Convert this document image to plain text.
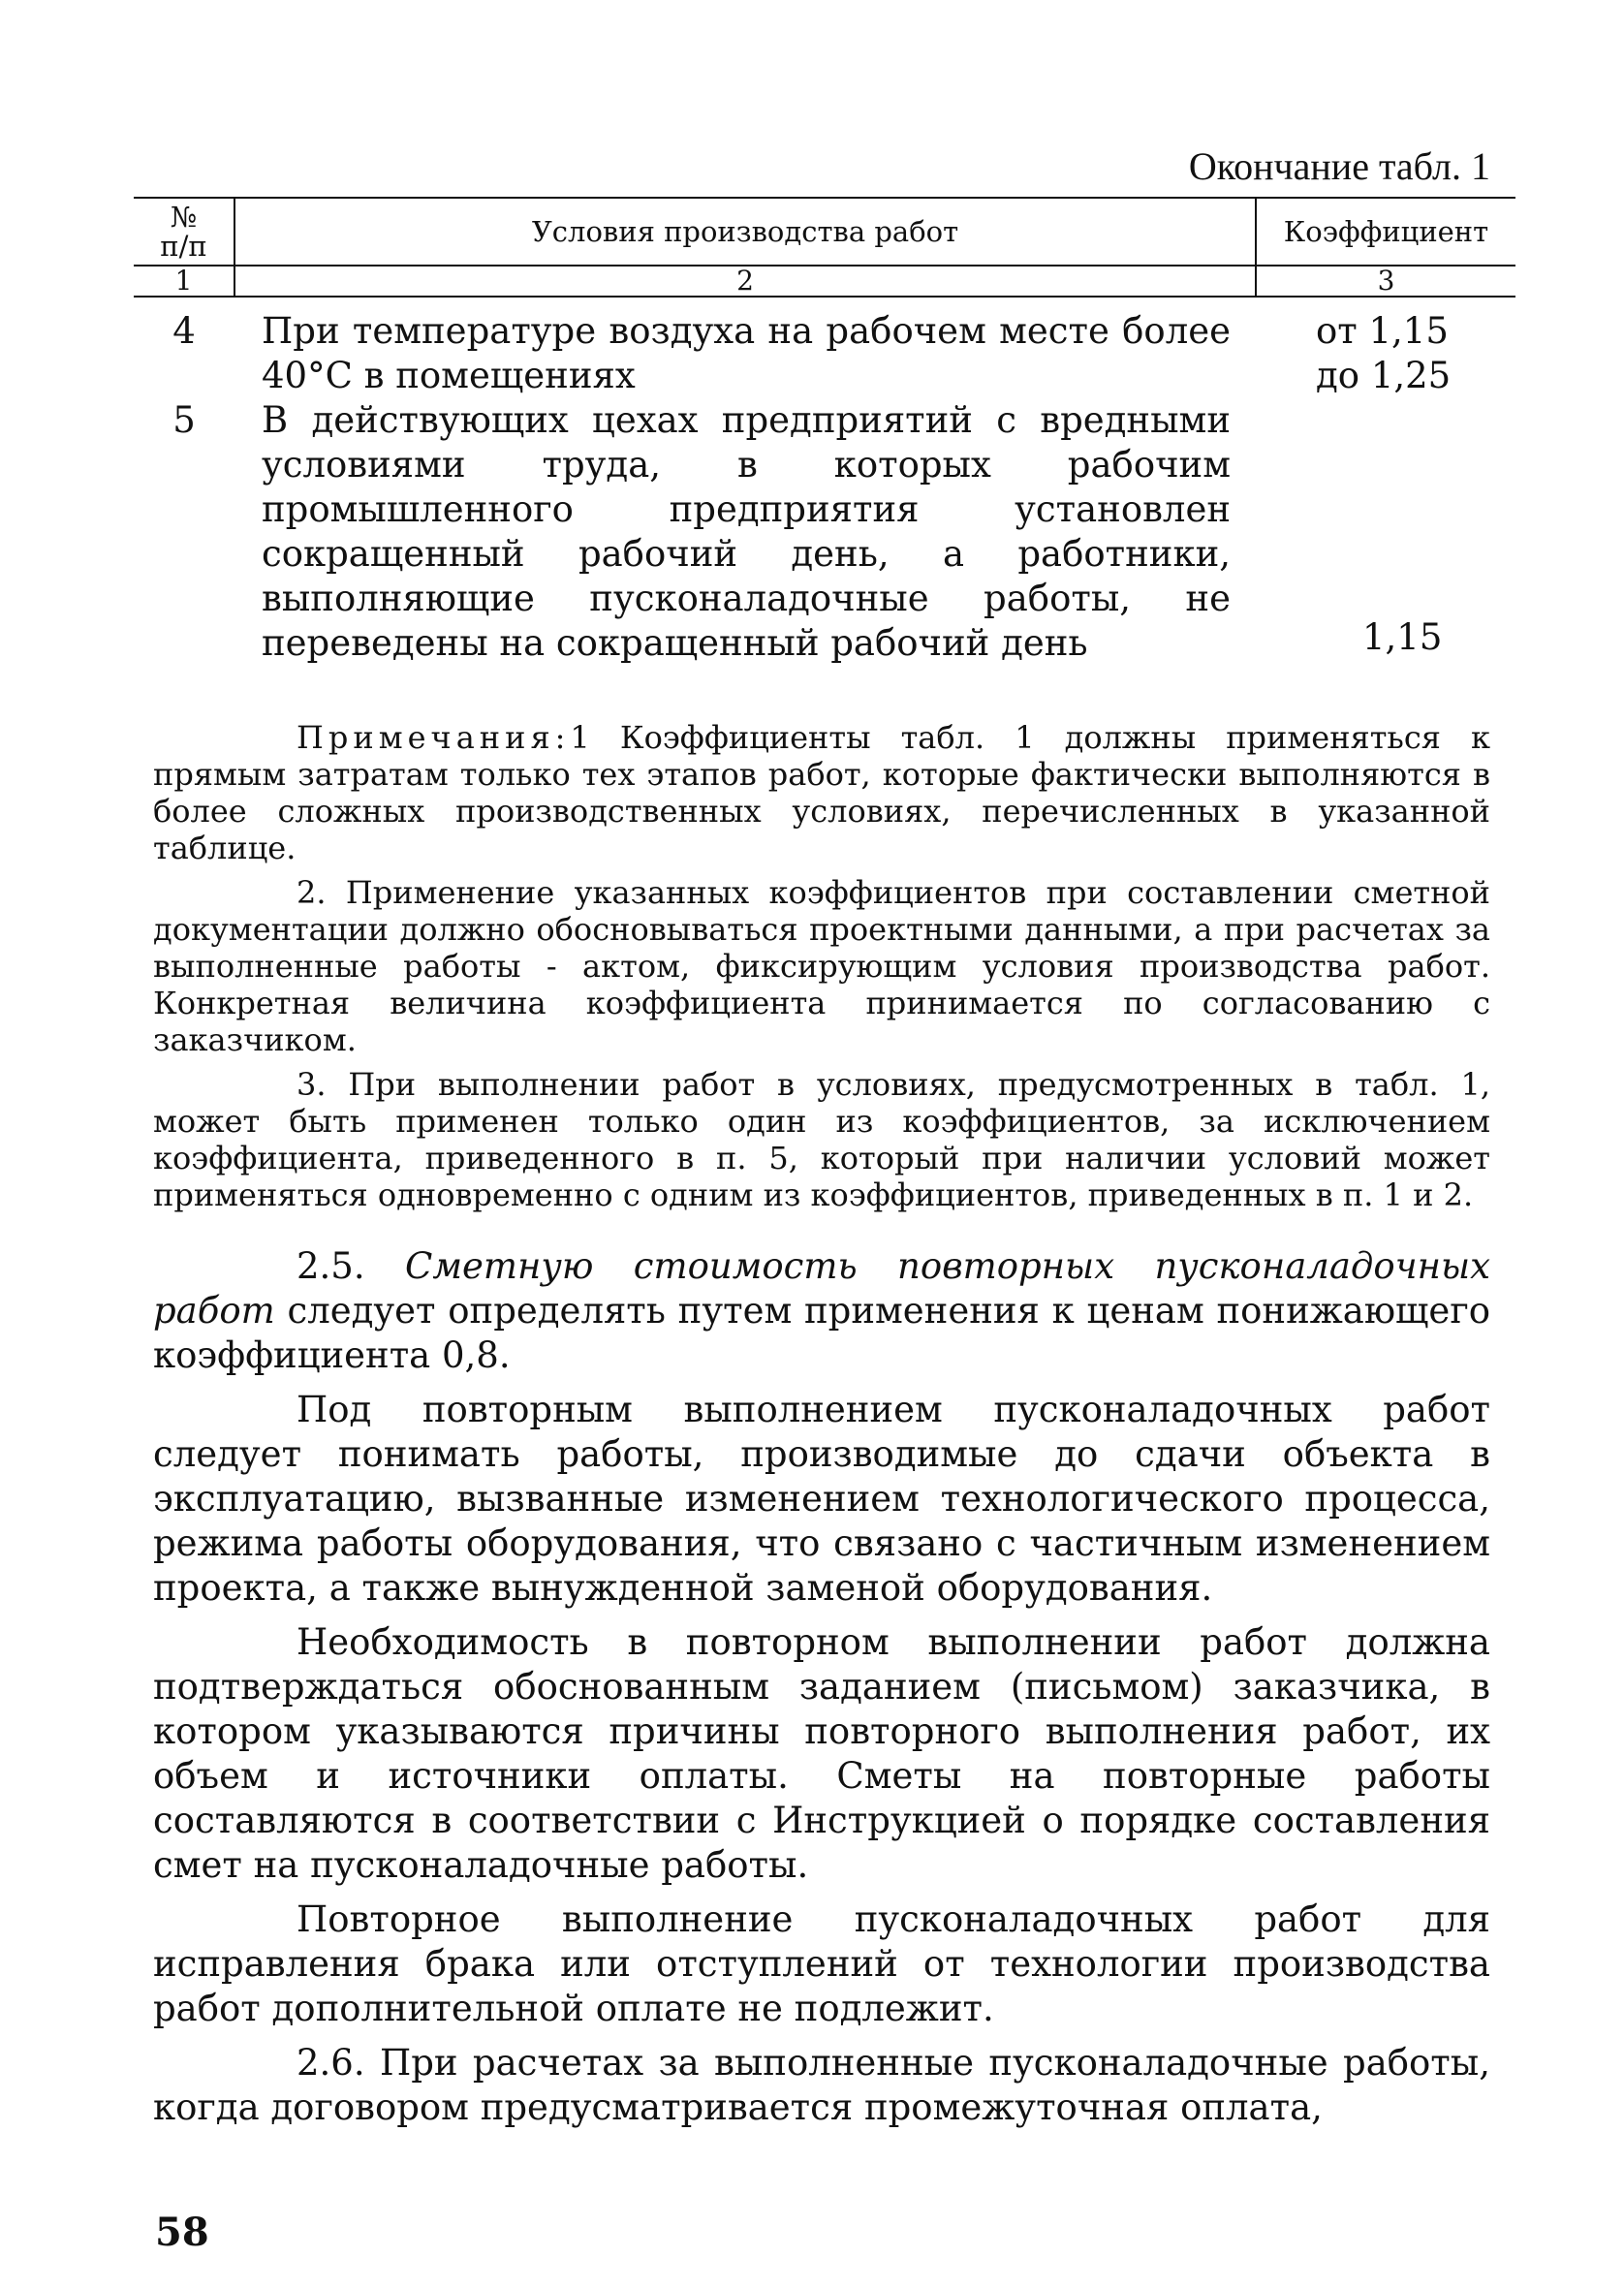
Окончание табл. 1
№
п/п	Условия производства работ	Коэффициент
1	2	3
4	При температуре воздуха на рабочем месте более 40°С в помещениях	от 1,15
до 1,25

5	В действующих цехах предприятий с вредными условиями труда, в которых рабочим промышленного предприятия установлен сокращенный рабочий день, а работники, выполняющие пусконаладочные работы, не переведены на сокращенный рабочий день	1,15

Примечания:1 Коэффициенты табл. 1 должны применяться к прямым затратам только тех этапов работ, которые фактически выполняются в более сложных производственных условиях, перечисленных в указанной таблице.

2. Применение указанных коэффициентов при составлении сметной документации должно обосновываться проектными данными, а при расчетах за выполненные работы - актом, фиксирующим условия производства работ. Конкретная величина коэффициента принимается по согласованию с заказчиком.

3. При выполнении работ в условиях, предусмотренных в табл. 1, может быть применен только один из коэффициентов, за исключением коэффициента, приведенного в п. 5, который при наличии условий может применяться одновременно с одним из коэффициентов, приведенных в п. 1 и 2.

2.5. Сметную стоимость повторных пусконаладочных работ следует определять путем применения к ценам понижающего коэффициента 0,8.

Под повторным выполнением пусконаладочных работ следует понимать работы, производимые до сдачи объекта в эксплуатацию, вызванные изменением технологического процесса, режима работы оборудования, что связано с частичным изменением проекта, а также вынужденной заменой оборудования.

Необходимость в повторном выполнении работ должна подтверждаться обоснованным заданием (письмом) заказчика, в котором указываются причины повторного выполнения работ, их объем и источники оплаты. Сметы на повторные работы составляются в соответствии с Инструкцией о порядке составления смет на пусконаладочные работы.

Повторное выполнение пусконаладочных работ для исправления брака или отступлений от технологии производства работ дополнительной оплате не подлежит.

2.6. При расчетах за выполненные пусконаладочные работы, когда договором предусматривается промежуточная оплата,

58
